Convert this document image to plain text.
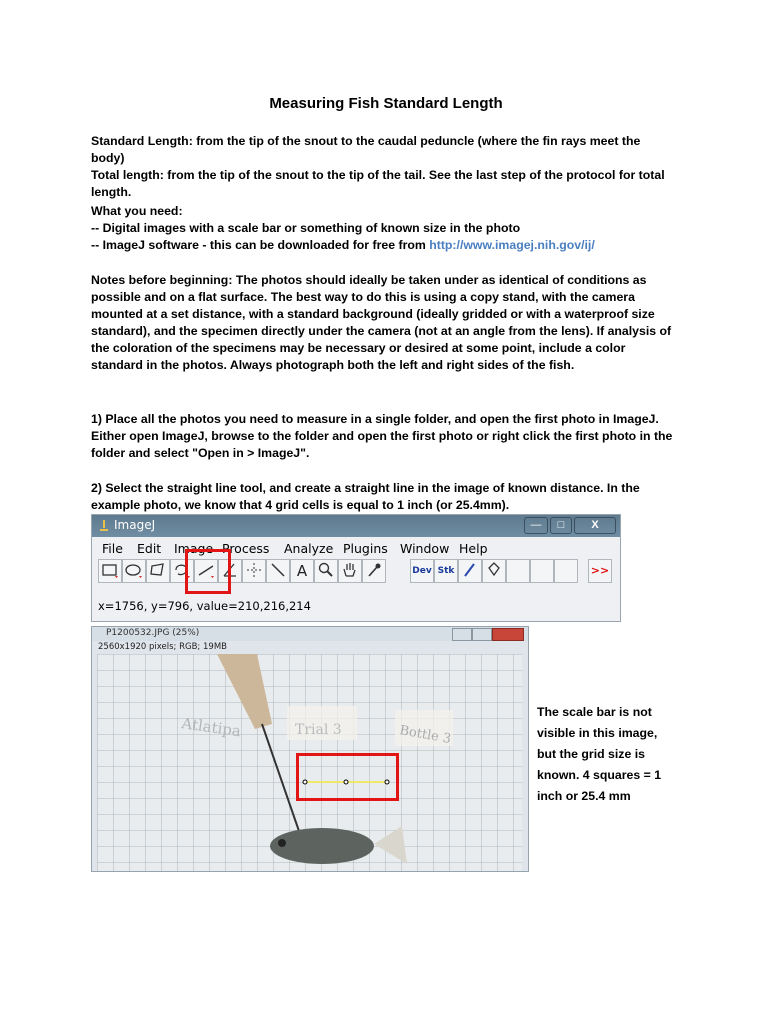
Measuring Fish Standard Length
Standard Length: from the tip of the snout to the caudal peduncle (where the fin rays meet the body)
Total length: from the tip of the snout to the tip of the tail. See the last step of the protocol for total length.
What you need:
-- Digital images with a scale bar or something of known size in the photo
-- ImageJ software - this can be downloaded for free from http://www.imagej.nih.gov/ij/
Notes before beginning: The photos should ideally be taken under as identical of conditions as possible and on a flat surface. The best way to do this is using a copy stand, with the camera mounted at a set distance, with a standard background (ideally gridded or with a waterproof size standard), and the specimen directly under the camera (not at an angle from the lens). If analysis of the coloration of the specimens may be necessary or desired at some point, include a color standard in the photos. Always photograph both the left and right sides of the fish.
1) Place all the photos you need to measure in a single folder, and open the first photo in ImageJ. Either open ImageJ, browse to the folder and open the first photo or right click the first photo in the folder and select "Open in > ImageJ".
2) Select the straight line tool, and create a straight line in the image of known distance. In the example photo, we know that 4 grid cells is equal to 1 inch (or 25.4mm).
ImageJ	—	□	X
File Edit Image Process Analyze Plugins Window Help
A	Dev Stk	>>
x=1756, y=796, value=210,216,214
P1200532.JPG (25%)
2560x1920 pixels; RGB; 19MB
Atlatipa	Trial 3	Bottle 3
The scale bar is not visible in this image, but the grid size is known. 4 squares = 1 inch or 25.4 mm
